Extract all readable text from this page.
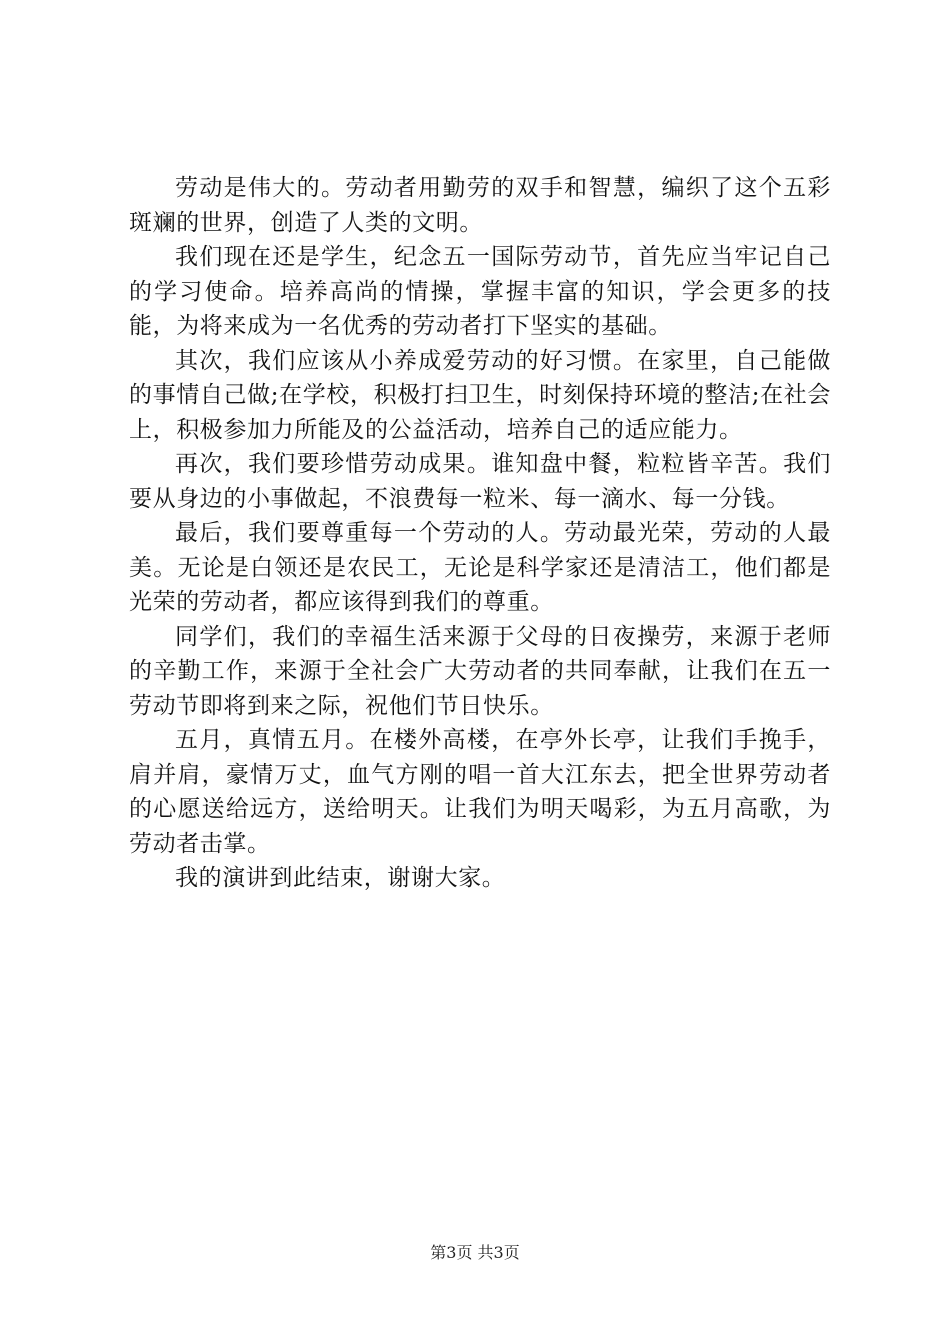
劳动是伟大的。劳动者用勤劳的双手和智慧，编织了这个五彩斑斓的世界，创造了人类的文明。

我们现在还是学生，纪念五一国际劳动节，首先应当牢记自己的学习使命。培养高尚的情操，掌握丰富的知识，学会更多的技能，为将来成为一名优秀的劳动者打下坚实的基础。

其次，我们应该从小养成爱劳动的好习惯。在家里，自己能做的事情自己做;在学校，积极打扫卫生，时刻保持环境的整洁;在社会上，积极参加力所能及的公益活动，培养自己的适应能力。

再次，我们要珍惜劳动成果。谁知盘中餐，粒粒皆辛苦。我们要从身边的小事做起，不浪费每一粒米、每一滴水、每一分钱。

最后，我们要尊重每一个劳动的人。劳动最光荣，劳动的人最美。无论是白领还是农民工，无论是科学家还是清洁工，他们都是光荣的劳动者，都应该得到我们的尊重。

同学们，我们的幸福生活来源于父母的日夜操劳，来源于老师的辛勤工作，来源于全社会广大劳动者的共同奉献，让我们在五一劳动节即将到来之际，祝他们节日快乐。

五月，真情五月。在楼外高楼，在亭外长亭，让我们手挽手，肩并肩，豪情万丈，血气方刚的唱一首大江东去，把全世界劳动者的心愿送给远方，送给明天。让我们为明天喝彩，为五月高歌，为劳动者击掌。

我的演讲到此结束，谢谢大家。

第3页 共3页
